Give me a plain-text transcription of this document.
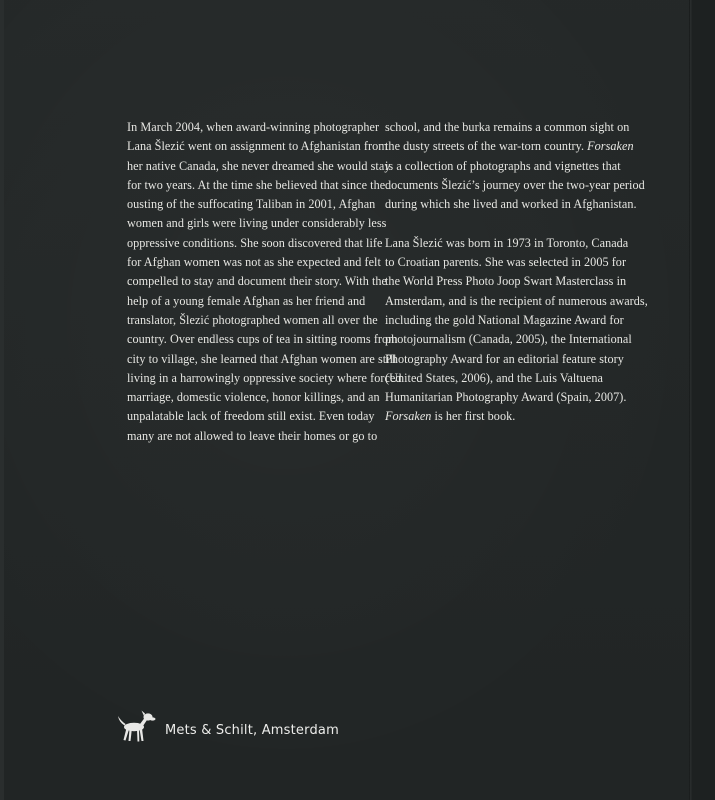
In March 2004, when award-winning photographer
Lana Šlezić went on assignment to Afghanistan from
her native Canada, she never dreamed she would stay
for two years. At the time she believed that since the
ousting of the suffocating Taliban in 2001, Afghan
women and girls were living under considerably less
oppressive conditions. She soon discovered that life
for Afghan women was not as she expected and felt
compelled to stay and document their story. With the
help of a young female Afghan as her friend and
translator, Šlezić photographed women all over the
country. Over endless cups of tea in sitting rooms from
city to village, she learned that Afghan women are still
living in a harrowingly oppressive society where forced
marriage, domestic violence, honor killings, and an
unpalatable lack of freedom still exist. Even today
many are not allowed to leave their homes or go to
school, and the burka remains a common sight on
the dusty streets of the war-torn country. Forsaken
is a collection of photographs and vignettes that
documents Šlezić’s journey over the two-year period
during which she lived and worked in Afghanistan.
Lana Šlezić was born in 1973 in Toronto, Canada
to Croatian parents. She was selected in 2005 for
the World Press Photo Joop Swart Masterclass in
Amsterdam, and is the recipient of numerous awards,
including the gold National Magazine Award for
photojournalism (Canada, 2005), the International
Photography Award for an editorial feature story
(United States, 2006), and the Luis Valtuena
Humanitarian Photography Award (Spain, 2007).
Forsaken is her first book.
Mets & Schilt, Amsterdam
